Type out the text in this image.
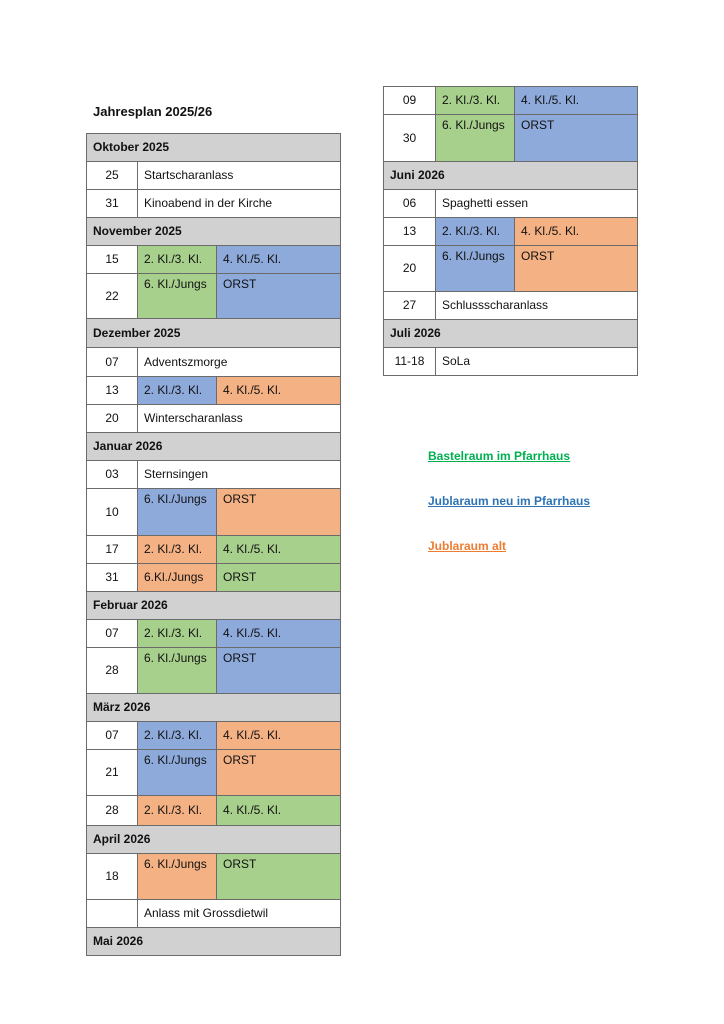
Jahresplan 2025/26
Oktober 2025		
25	Startscharanlass	
31	Kinoabend in der Kirche	
November 2025		
15	2. Kl./3. Kl.	4. Kl./5. Kl.
22	6. Kl./Jungs	ORST
Dezember 2025		
07	Adventszmorge	
13	2. Kl./3. Kl.	4. Kl./5. Kl.
20	Winterscharanlass	
Januar 2026		
03	Sternsingen	
10	6. Kl./Jungs	ORST
17	2. Kl./3. Kl.	4. Kl./5. Kl.
31	6.Kl./Jungs	ORST
Februar 2026		
07	2. Kl./3. Kl.	4. Kl./5. Kl.
28	6. Kl./Jungs	ORST
März 2026		
07	2. Kl./3. Kl.	4. Kl./5. Kl.
21	6. Kl./Jungs	ORST
28	2. Kl./3. Kl.	4. Kl./5. Kl.
April 2026		
18	6. Kl./Jungs	ORST
	Anlass mit Grossdietwil	
Mai 2026		
09	2. Kl./3. Kl.	4. Kl./5. Kl.
30	6. Kl./Jungs	ORST
Juni 2026		
06	Spaghetti essen	
13	2. Kl./3. Kl.	4. Kl./5. Kl.
20	6. Kl./Jungs	ORST
27	Schlussscharanlass	
Juli 2026		
11-18	SoLa	
Bastelraum im Pfarrhaus
Jublaraum neu im Pfarrhaus
Jublaraum alt
